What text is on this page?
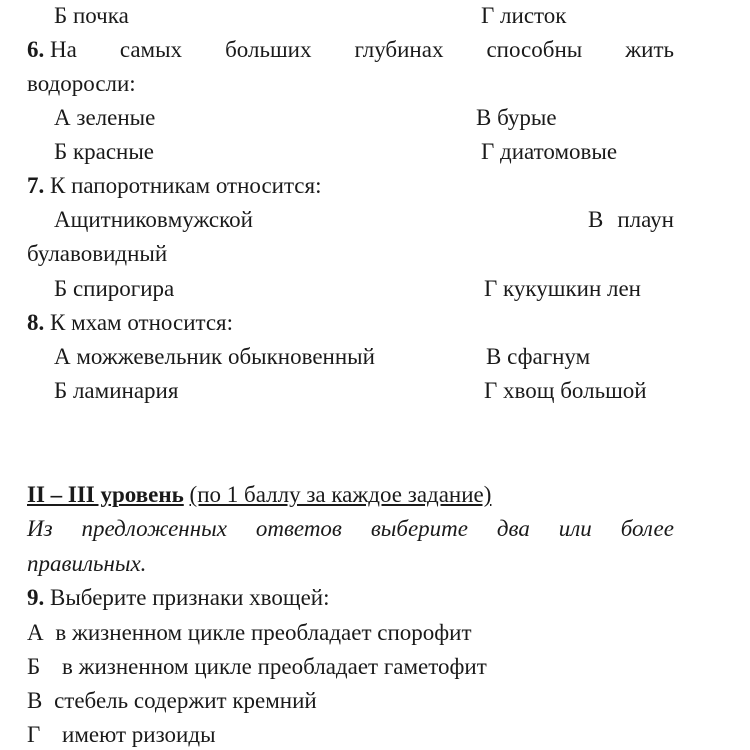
Б почка	Г листок
6. На самых больших глубинах способны жить
водоросли:
А зеленые	В бурые
Б красные	Г диатомовые
7. К папоротникам относится:
А щитников мужской	В плаун
булавовидный
Б спирогира	Г кукушкин лен
8. К мхам относится:
А можжевельник обыкновенный	В сфагнум
Б ламинария	Г хвощ большой
II – III уровень (по 1 баллу за каждое задание)
Из предложенных ответов выберите два или более
правильных.
9. Выберите признаки хвощей:
А в жизненном цикле преобладает спорофит
Б в жизненном цикле преобладает гаметофит
В стебель содержит кремний
Г имеют ризоиды
